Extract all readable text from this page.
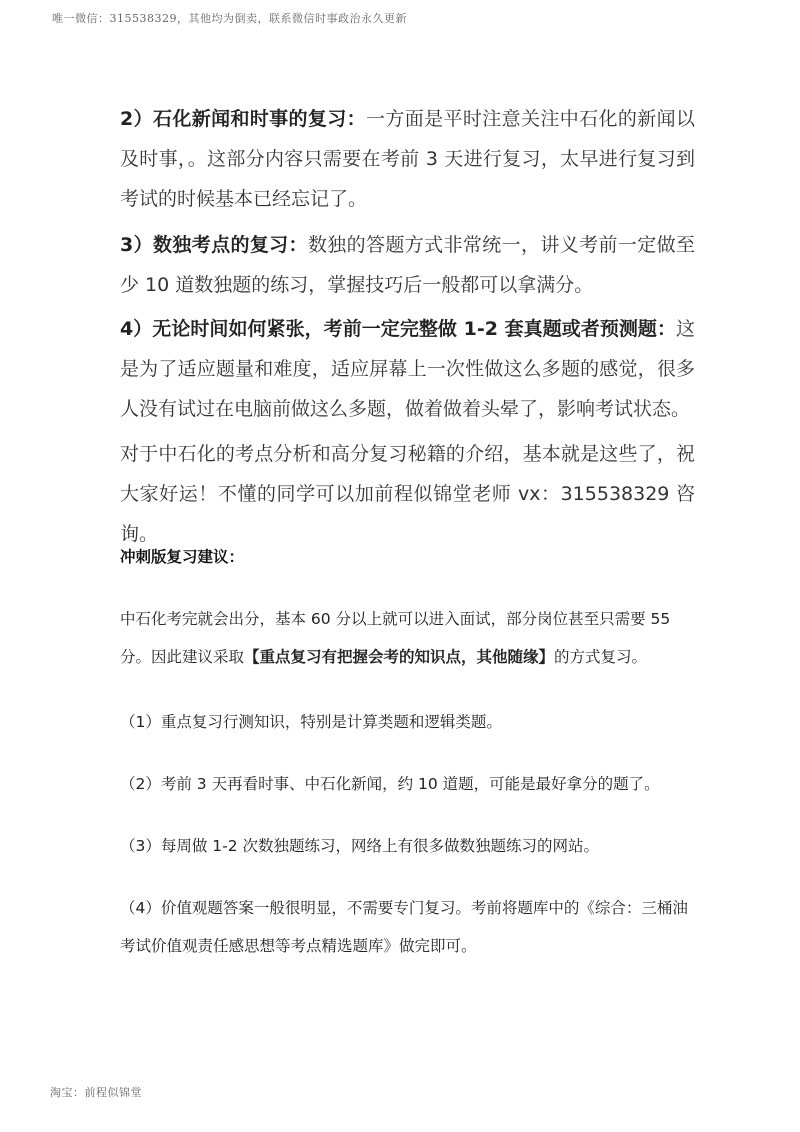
唯一微信：315538329，其他均为倒卖，联系微信时事政治永久更新
2）石化新闻和时事的复习：一方面是平时注意关注中石化的新闻以及时事，。这部分内容只需要在考前 3 天进行复习，太早进行复习到考试的时候基本已经忘记了。
3）数独考点的复习：数独的答题方式非常统一，讲义考前一定做至少 10 道数独题的练习，掌握技巧后一般都可以拿满分。
4）无论时间如何紧张，考前一定完整做 1-2 套真题或者预测题：这是为了适应题量和难度，适应屏幕上一次性做这么多题的感觉，很多人没有试过在电脑前做这么多题，做着做着头晕了，影响考试状态。
对于中石化的考点分析和高分复习秘籍的介绍，基本就是这些了，祝大家好运！不懂的同学可以加前程似锦堂老师 vx：315538329 咨询。
冲刺版复习建议：
中石化考完就会出分，基本 60 分以上就可以进入面试，部分岗位甚至只需要 55 分。因此建议采取【重点复习有把握会考的知识点，其他随缘】的方式复习。
（1）重点复习行测知识，特别是计算类题和逻辑类题。
（2）考前 3 天再看时事、中石化新闻，约 10 道题，可能是最好拿分的题了。
（3）每周做 1-2 次数独题练习，网络上有很多做数独题练习的网站。
（4）价值观题答案一般很明显，不需要专门复习。考前将题库中的《综合：三桶油考试价值观责任感思想等考点精选题库》做完即可。
淘宝：前程似锦堂
